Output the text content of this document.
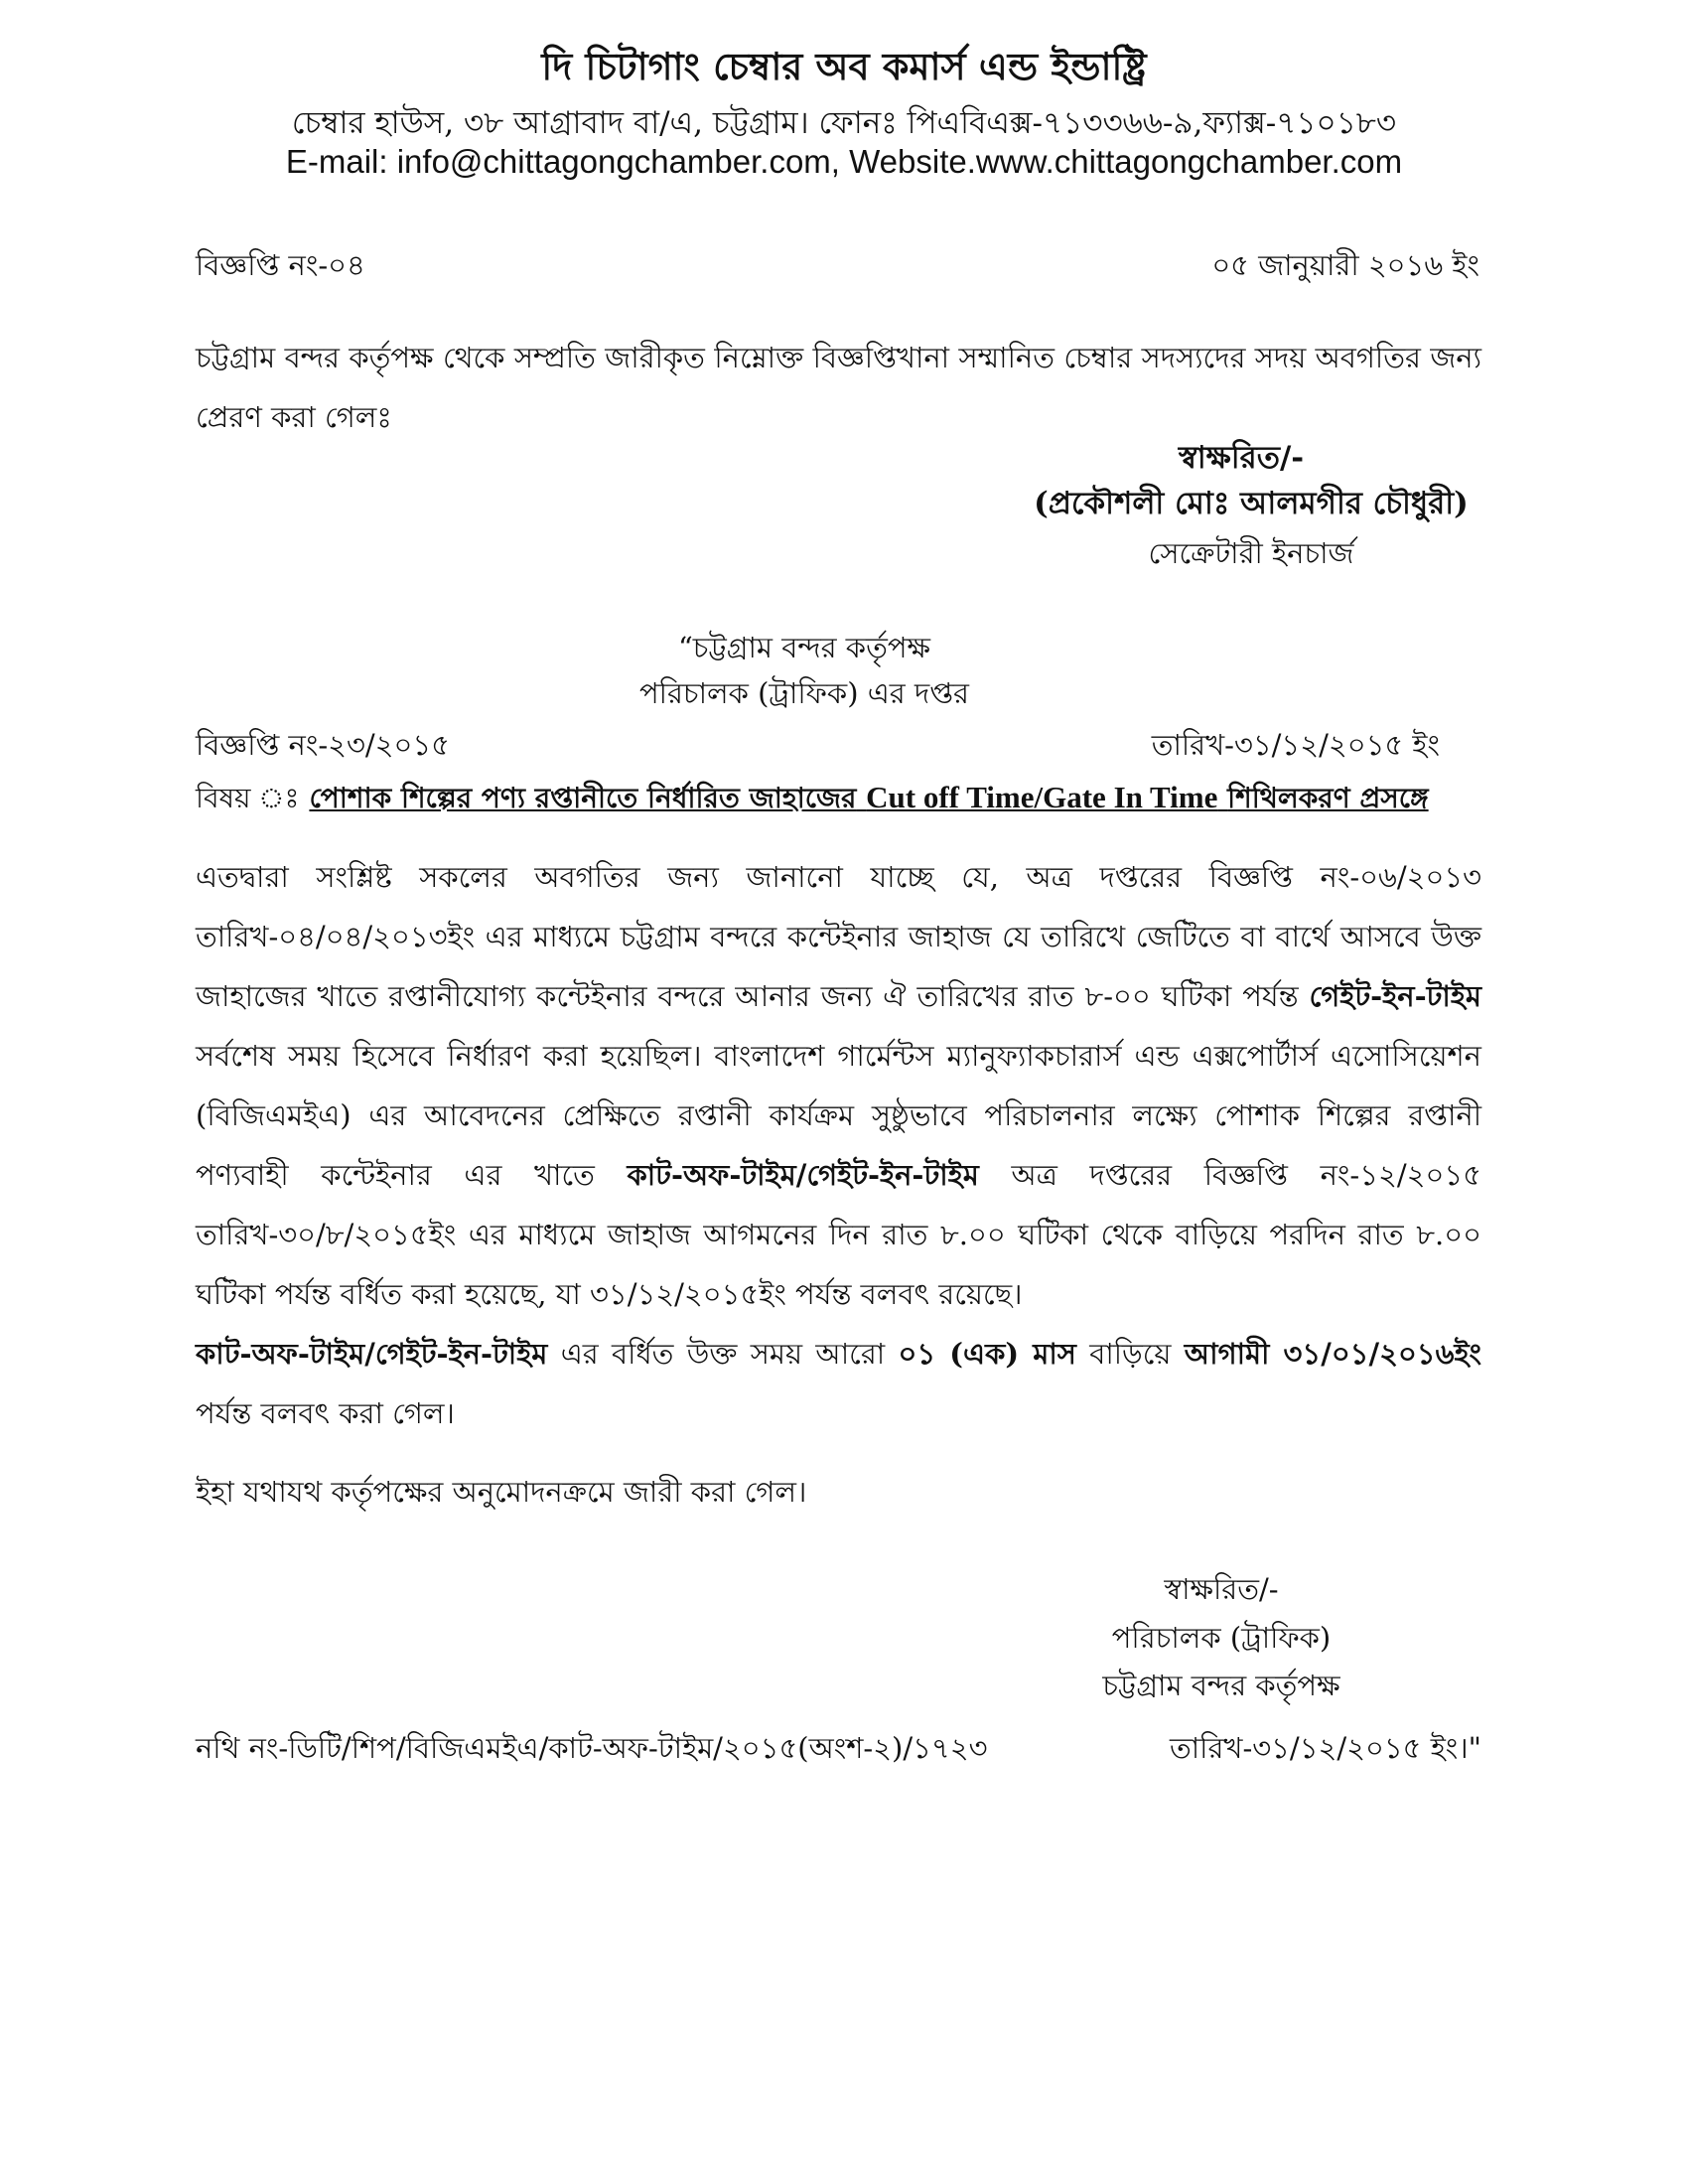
দি চিটাগাং চেম্বার অব কমার্স এন্ড ইন্ডাষ্ট্রি
চেম্বার হাউস, ৩৮ আগ্রাবাদ বা/এ, চট্টগ্রাম। ফোনঃ পিএবিএক্স-৭১৩৩৬৬-৯,ফ্যাক্স-৭১০১৮৩
E-mail: info@chittagongchamber.com, Website.www.chittagongchamber.com
বিজ্ঞপ্তি নং-০৪	০৫ জানুয়ারী ২০১৬ ইং
চট্টগ্রাম বন্দর কর্তৃপক্ষ থেকে সম্প্রতি জারীকৃত নিম্নোক্ত বিজ্ঞপ্তিখানা সম্মানিত চেম্বার সদস্যদের সদয় অবগতির জন্য প্রেরণ করা গেলঃ
স্বাক্ষরিত/-
(প্রকৌশলী মোঃ আলমগীর চৌধুরী)
সেক্রেটারী ইনচার্জ
“চট্টগ্রাম বন্দর কর্তৃপক্ষ
পরিচালক (ট্রাফিক) এর দপ্তর
বিজ্ঞপ্তি নং-২৩/২০১৫	তারিখ-৩১/১২/২০১৫ ইং
বিষয় ঃ পোশাক শিল্পের পণ্য রপ্তানীতে নির্ধারিত জাহাজের Cut off Time/Gate In Time শিথিলকরণ প্রসঙ্গে
এতদ্বারা সংশ্লিষ্ট সকলের অবগতির জন্য জানানো যাচ্ছে যে, অত্র দপ্তরের বিজ্ঞপ্তি নং-০৬/২০১৩ তারিখ-০৪/০৪/২০১৩ইং এর মাধ্যমে চট্টগ্রাম বন্দরে কন্টেইনার জাহাজ যে তারিখে জেটিতে বা বার্থে আসবে উক্ত জাহাজের খাতে রপ্তানীযোগ্য কন্টেইনার বন্দরে আনার জন্য ঐ তারিখের রাত ৮-০০ ঘটিকা পর্যন্ত গেইট-ইন-টাইম সর্বশেষ সময় হিসেবে নির্ধারণ করা হয়েছিল। বাংলাদেশ গার্মেন্টস ম্যানুফ্যাকচারার্স এন্ড এক্সপোর্টার্স এসোসিয়েশন (বিজিএমইএ) এর আবেদনের প্রেক্ষিতে রপ্তানী কার্যক্রম সুষ্ঠুভাবে পরিচালনার লক্ষ্যে পোশাক শিল্পের রপ্তানী পণ্যবাহী কন্টেইনার এর খাতে কাট-অফ-টাইম/গেইট-ইন-টাইম অত্র দপ্তরের বিজ্ঞপ্তি নং-১২/২০১৫ তারিখ-৩০/৮/২০১৫ইং এর মাধ্যমে জাহাজ আগমনের দিন রাত ৮.০০ ঘটিকা থেকে বাড়িয়ে পরদিন রাত ৮.০০ ঘটিকা পর্যন্ত বর্ধিত করা হয়েছে, যা ৩১/১২/২০১৫ইং পর্যন্ত বলবৎ রয়েছে।
কাট-অফ-টাইম/গেইট-ইন-টাইম এর বর্ধিত উক্ত সময় আরো ০১ (এক) মাস বাড়িয়ে আগামী ৩১/০১/২০১৬ইং পর্যন্ত বলবৎ করা গেল।
ইহা যথাযথ কর্তৃপক্ষের অনুমোদনক্রমে জারী করা গেল।
স্বাক্ষরিত/-
পরিচালক (ট্রাফিক)
চট্টগ্রাম বন্দর কর্তৃপক্ষ
নথি নং-ডিটি/শিপ/বিজিএমইএ/কাট-অফ-টাইম/২০১৫(অংশ-২)/১৭২৩	তারিখ-৩১/১২/২০১৫ ইং।"
